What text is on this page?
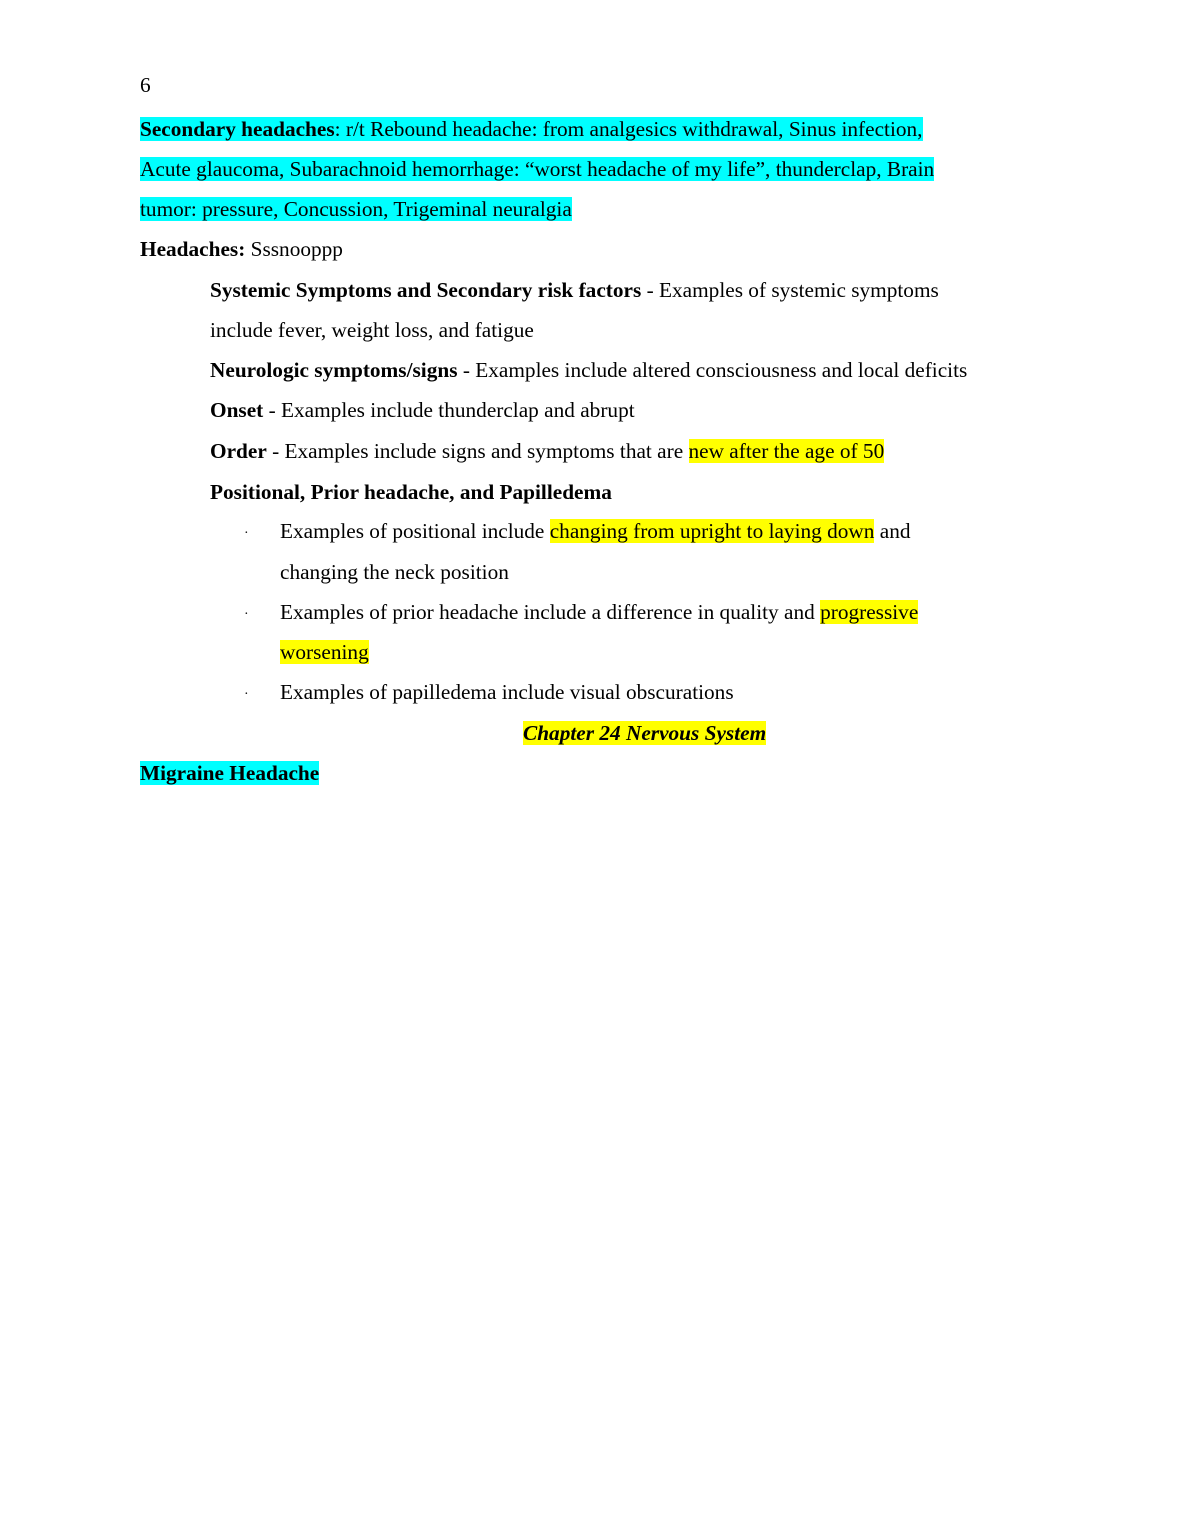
6
Secondary headaches: r/t Rebound headache: from analgesics withdrawal, Sinus infection,
Acute glaucoma, Subarachnoid hemorrhage: “worst headache of my life”, thunderclap, Brain
tumor: pressure, Concussion, Trigeminal neuralgia
Headaches: Sssnooppp
Systemic Symptoms and Secondary risk factors - Examples of systemic symptoms
include fever, weight loss, and fatigue
Neurologic symptoms/signs - Examples include altered consciousness and local deficits
Onset - Examples include thunderclap and abrupt
Order - Examples include signs and symptoms that are new after the age of 50
Positional, Prior headache, and Papilledema
· Examples of positional include changing from upright to laying down and
changing the neck position
· Examples of prior headache include a difference in quality and progressive
worsening
· Examples of papilledema include visual obscurations
Chapter 24 Nervous System
Migraine Headache
